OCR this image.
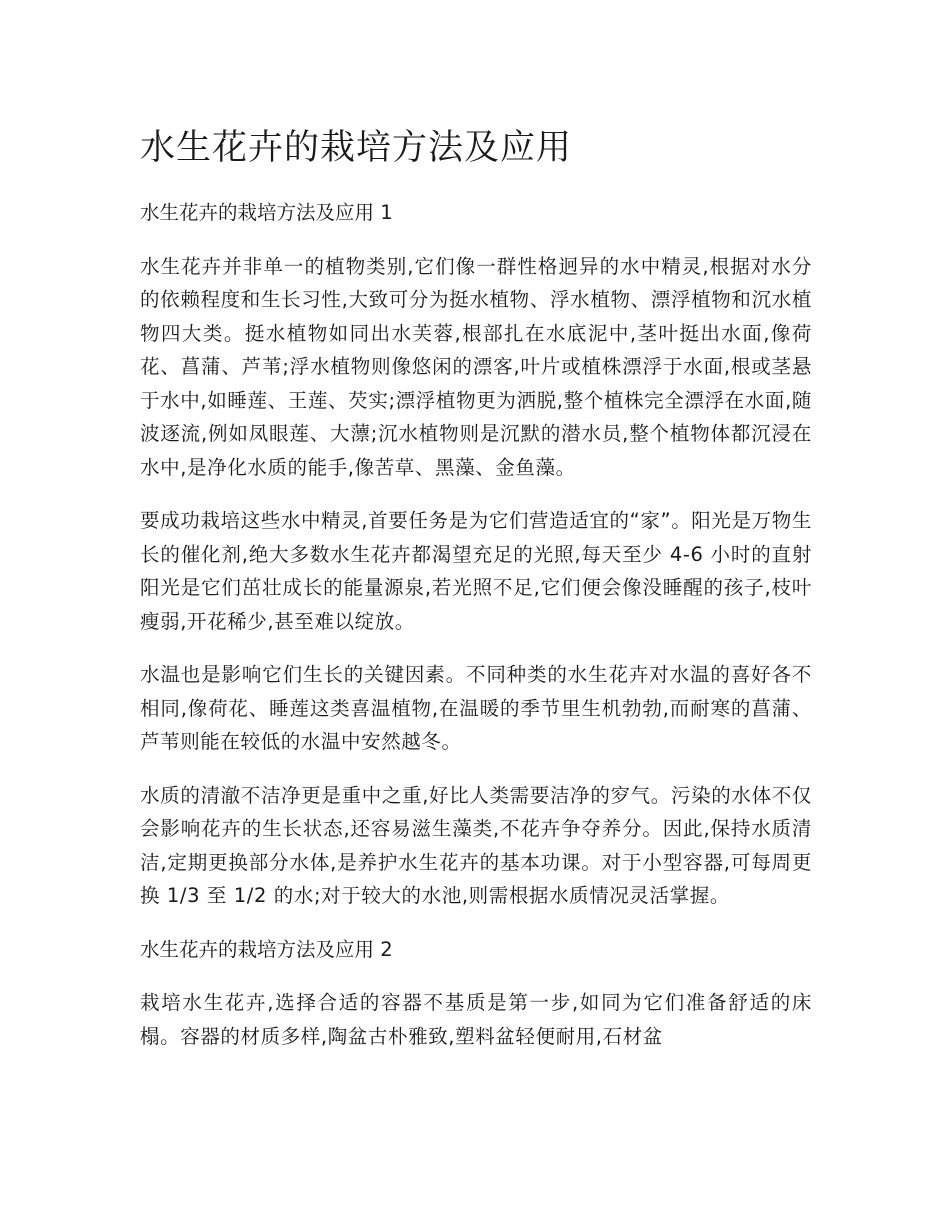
水生花卉的栽培方法及应用
水生花卉的栽培方法及应用 1

水生花卉并非单一的植物类别,它们像一群性格迥异的水中精灵,根据对水分的依赖程度和生长习性,大致可分为挺水植物、浮水植物、漂浮植物和沉水植物四大类。挺水植物如同出水芙蓉,根部扎在水底泥中,茎叶挺出水面,像荷花、菖蒲、芦苇;浮水植物则像悠闲的漂客,叶片或植株漂浮于水面,根或茎悬于水中,如睡莲、王莲、芡实;漂浮植物更为洒脱,整个植株完全漂浮在水面,随波逐流,例如凤眼莲、大薸;沉水植物则是沉默的潜水员,整个植物体都沉浸在水中,是净化水质的能手,像苦草、黑藻、金鱼藻。

要成功栽培这些水中精灵,首要任务是为它们营造适宜的“家”。阳光是万物生长的催化剂,绝大多数水生花卉都渴望充足的光照,每天至少 4-6 小时的直射阳光是它们茁壮成长的能量源泉,若光照不足,它们便会像没睡醒的孩子,枝叶瘦弱,开花稀少,甚至难以绽放。

水温也是影响它们生长的关键因素。不同种类的水生花卉对水温的喜好各不相同,像荷花、睡莲这类喜温植物,在温暖的季节里生机勃勃,而耐寒的菖蒲、芦苇则能在较低的水温中安然越冬。

水质的清澈不洁净更是重中之重,好比人类需要洁净的穸气。污染的水体不仅会影响花卉的生长状态,还容易滋生藻类,不花卉争夺养分。因此,保持水质清洁,定期更换部分水体,是养护水生花卉的基本功课。对于小型容器,可每周更换 1/3 至 1/2 的水;对于较大的水池,则需根据水质情况灵活掌握。

水生花卉的栽培方法及应用 2

栽培水生花卉,选择合适的容器不基质是第一步,如同为它们准备舒适的床榻。容器的材质多样,陶盆古朴雅致,塑料盆轻便耐用,石材盆
